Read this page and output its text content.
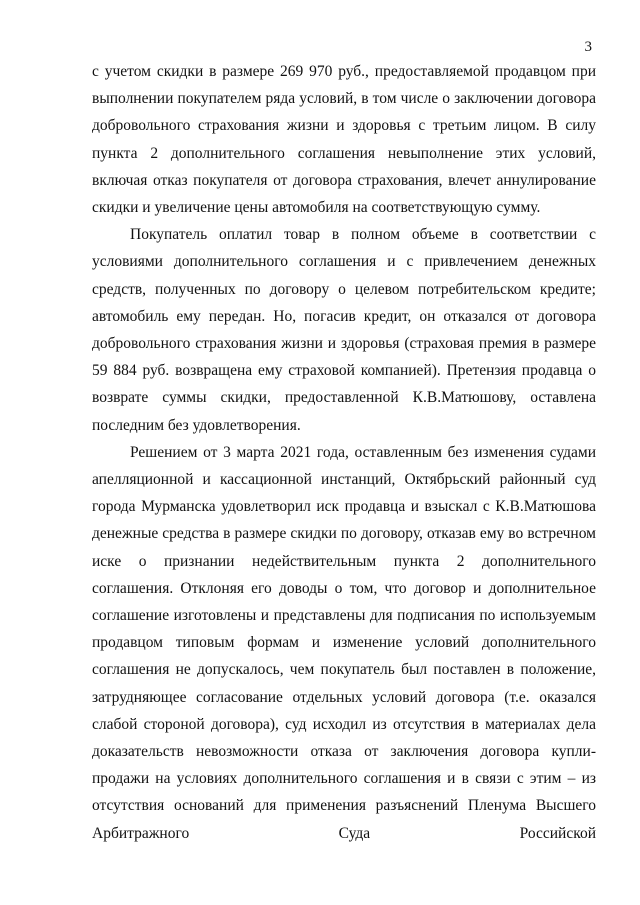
3

с учетом скидки в размере 269 970 руб., предоставляемой продавцом при выполнении покупателем ряда условий, в том числе о заключении договора добровольного страхования жизни и здоровья с третьим лицом. В силу пункта 2 дополнительного соглашения невыполнение этих условий, включая отказ покупателя от договора страхования, влечет аннулирование скидки и увеличение цены автомобиля на соответствующую сумму.

Покупатель оплатил товар в полном объеме в соответствии с условиями дополнительного соглашения и с привлечением денежных средств, полученных по договору о целевом потребительском кредите; автомобиль ему передан. Но, погасив кредит, он отказался от договора добровольного страхования жизни и здоровья (страховая премия в размере 59 884 руб. возвращена ему страховой компанией). Претензия продавца о возврате суммы скидки, предоставленной К.В.Матюшову, оставлена последним без удовлетворения.

Решением от 3 марта 2021 года, оставленным без изменения судами апелляционной и кассационной инстанций, Октябрьский районный суд города Мурманска удовлетворил иск продавца и взыскал с К.В.Матюшова денежные средства в размере скидки по договору, отказав ему во встречном иске о признании недействительным пункта 2 дополнительного соглашения. Отклоняя его доводы о том, что договор и дополнительное соглашение изготовлены и представлены для подписания по используемым продавцом типовым формам и изменение условий дополнительного соглашения не допускалось, чем покупатель был поставлен в положение, затрудняющее согласование отдельных условий договора (т.е. оказался слабой стороной договора), суд исходил из отсутствия в материалах дела доказательств невозможности отказа от заключения договора купли-продажи на условиях дополнительного соглашения и в связи с этим – из отсутствия оснований для применения разъяснений Пленума Высшего Арбитражного Суда Российской
